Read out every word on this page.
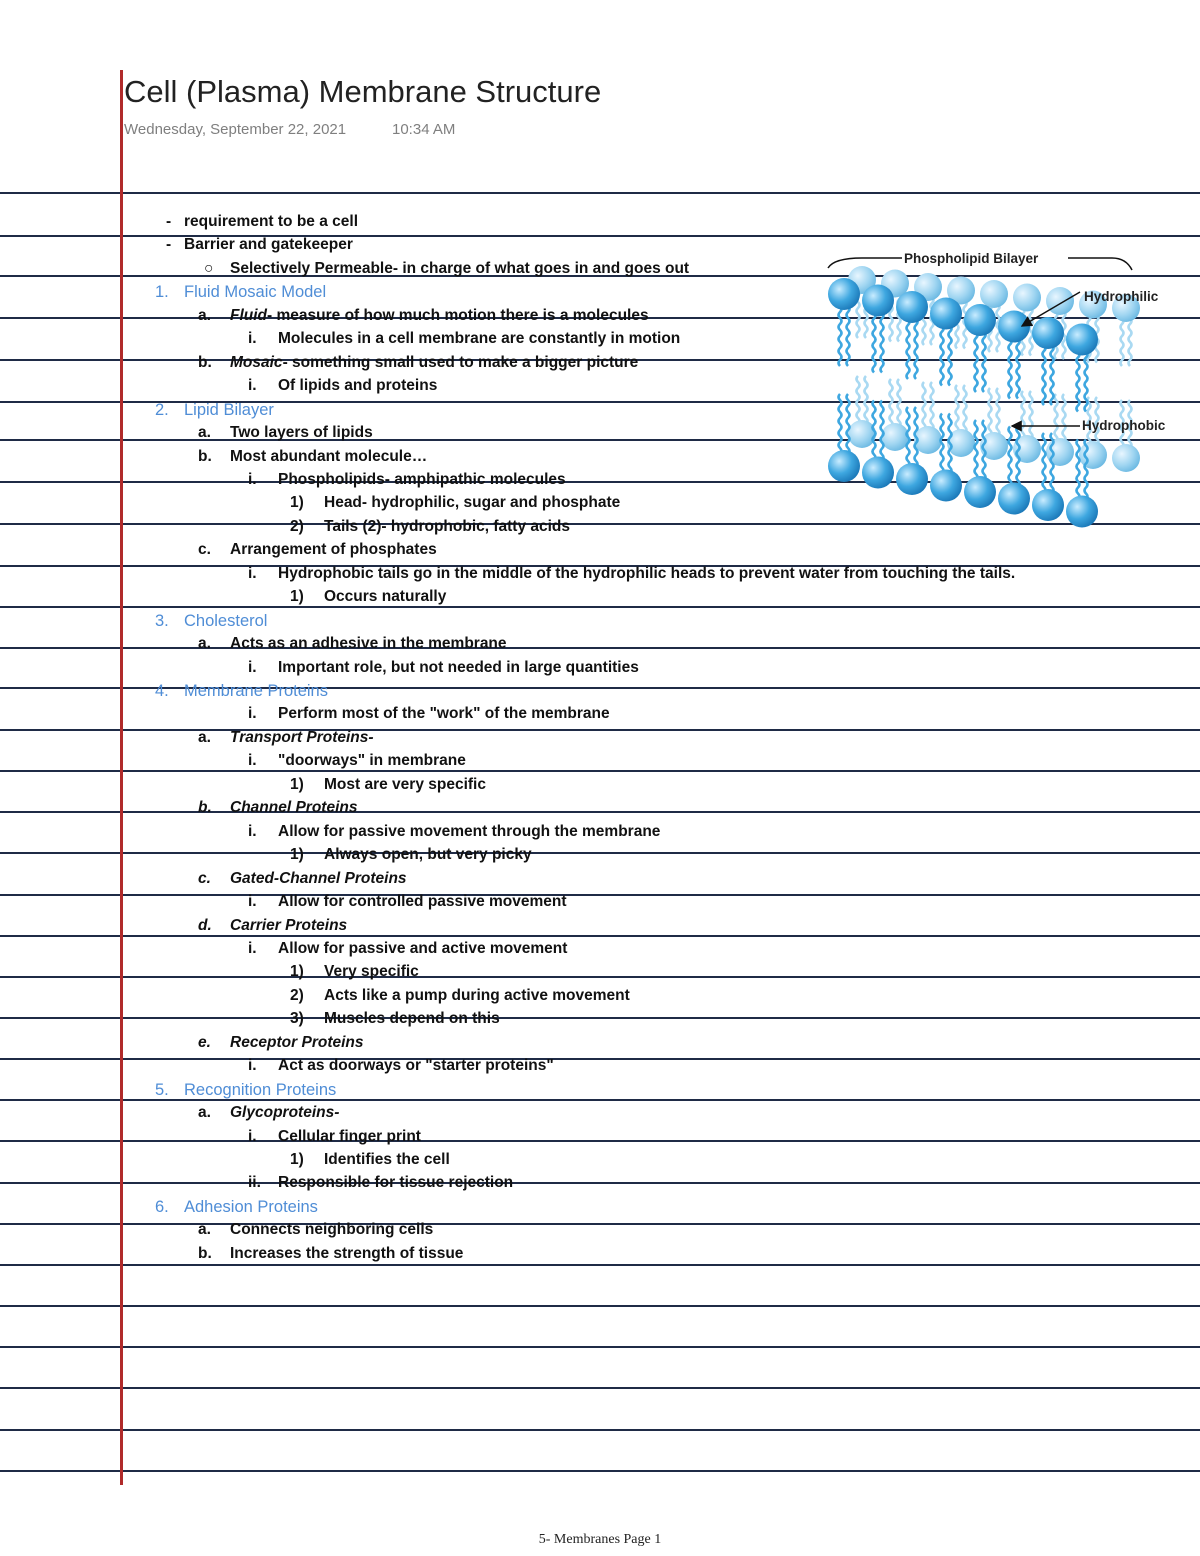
Cell (Plasma) Membrane Structure
Wednesday, September 22, 2021	10:34 AM
- requirement to be a cell
- Barrier and gatekeeper
○ Selectively Permeable- in charge of what goes in and goes out
1. Fluid Mosaic Model
a. Fluid- measure of how much motion there is a molecules
i. Molecules in a cell membrane are constantly in motion
b. Mosaic- something small used to make a bigger picture
i. Of lipids and proteins
2. Lipid Bilayer
a. Two layers of lipids
b. Most abundant molecule…
i. Phospholipids- amphipathic molecules
1) Head- hydrophilic, sugar and phosphate
2) Tails (2)- hydrophobic, fatty acids
c. Arrangement of phosphates
i. Hydrophobic tails go in the middle of the hydrophilic heads to prevent water from touching the tails.
1) Occurs naturally
3. Cholesterol
a. Acts as an adhesive in the membrane
i. Important role, but not needed in large quantities
4. Membrane Proteins
i. Perform most of the "work" of the membrane
a. Transport Proteins-
i. "doorways" in membrane
1) Most are very specific
b. Channel Proteins
i. Allow for passive movement through the membrane
1) Always open, but very picky
c. Gated-Channel Proteins
i. Allow for controlled passive movement
d. Carrier Proteins
i. Allow for passive and active movement
1) Very specific
2) Acts like a pump during active movement
3) Muscles depend on this
e. Receptor Proteins
i. Act as doorways or "starter proteins"
5. Recognition Proteins
a. Glycoproteins-
i. Cellular finger print
1) Identifies the cell
ii. Responsible for tissue rejection
6. Adhesion Proteins
a. Connects neighboring cells
b. Increases the strength of tissue
Phospholipid Bilayer
Hydrophilic
Hydrophobic
5- Membranes Page 1
